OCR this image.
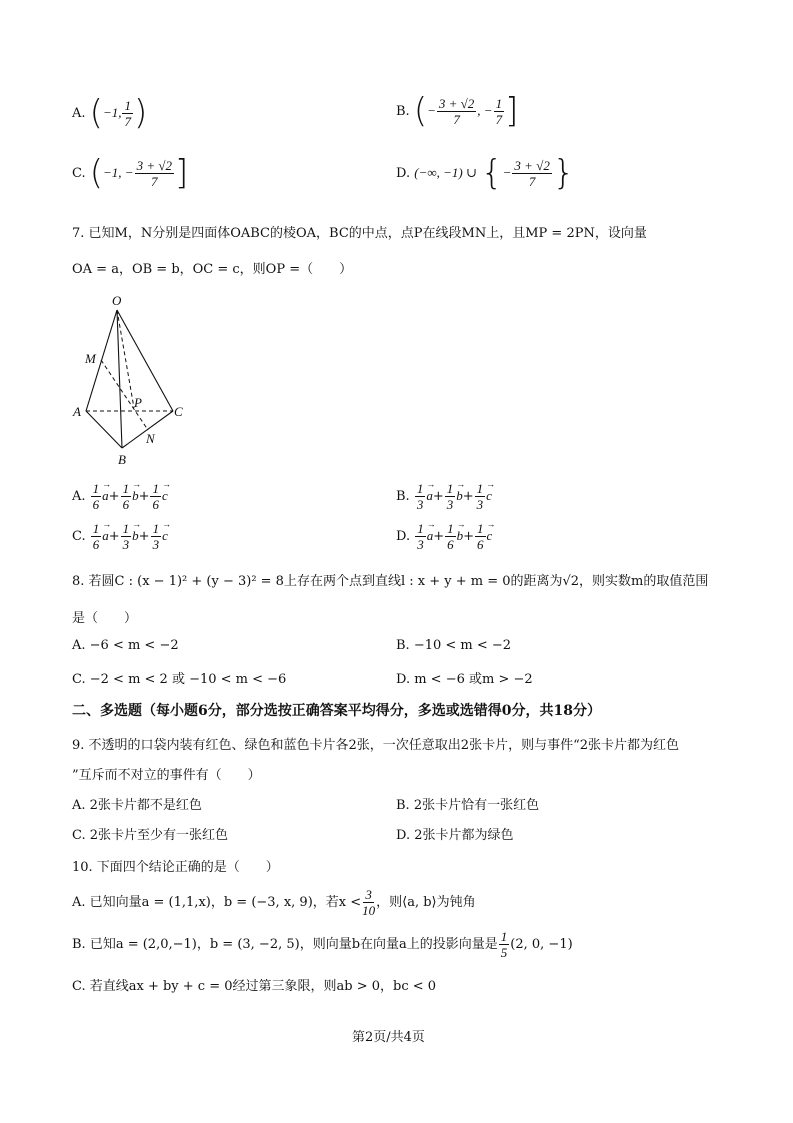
A. (−1, $\frac{1}{7}$ )	B. (− $\frac{3 + √2}{7}$ , − $\frac{1}{7}$ ]
C. (−1, − $\frac{3 + √2}{7}$ ]	D. (−∞, −1) ∪ {− $\frac{3 + √2}{7}$ }
7. 已知M，N分别是四面体OABC的棱OA，BC的中点，点P在线段MN上，且MP = 2PN，设向量
OA = a，OB = b，OC = c，则OP =（　　）
O
M
P
A	C
N
B
A. $\frac{1}{6} \to a+ \frac{1}{6} \to b+ \frac{1}{6} \to c$	B. $\frac{1}{3} \to a+ \frac{1}{3} \to b+ \frac{1}{3} \to c$
C. $\frac{1}{6} \to a+ \frac{1}{3} \to b+ \frac{1}{3} \to c$	D. $\frac{1}{3} \to a+ \frac{1}{6} \to b+ \frac{1}{6} \to c$
8. 若圆C : (x − 1)² + (y − 3)² = 8上存在两个点到直线l : x + y + m = 0的距离为√2，则实数m的取值范围
是（　　）
A. −6 < m < −2	B. −10 < m < −2
C. −2 < m < 2 或 −10 < m < −6	D. m < −6 或m > −2
二、多选题（每小题6分，部分选按正确答案平均得分，多选或选错得0分，共18分）
9. 不透明的口袋内装有红色、绿色和蓝色卡片各2张，一次任意取出2张卡片，则与事件“2张卡片都为红色
”互斥而不对立的事件有（　　）
A. 2张卡片都不是红色	B. 2张卡片恰有一张红色
C. 2张卡片至少有一张红色	D. 2张卡片都为绿色
10. 下面四个结论正确的是（　　）
A. 已知向量a = (1,1,x)，b = (−3, x, 9)，若$x < \frac{3}{10}$ ，则⟨a, b⟩为钝角
B. 已知a = (2,0,−1)，b = (3, −2, 5)，则向量b在向量a上的投影向量是 $\frac{1}{5} (2$, 0, −1)
C. 若直线ax + by + c = 0经过第三象限，则ab > 0，bc < 0
第2页/共4页
